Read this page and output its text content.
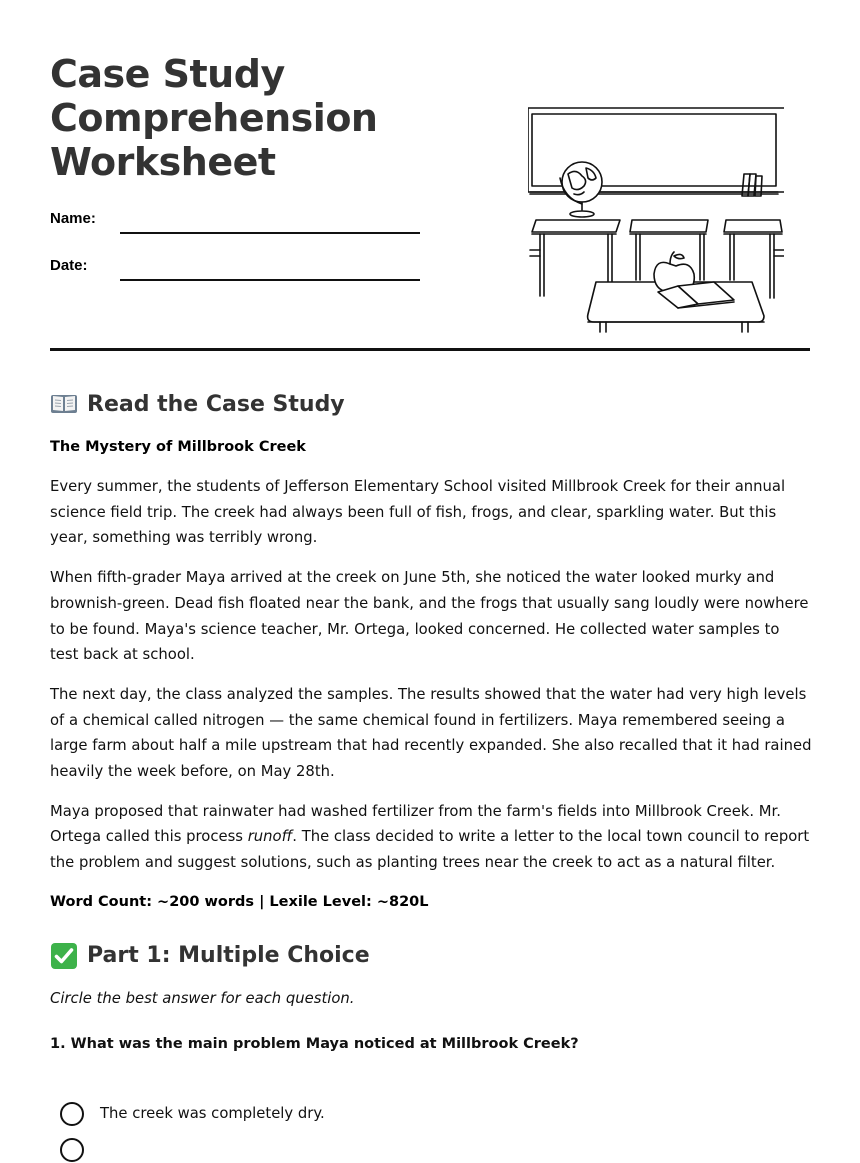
Case Study Comprehension Worksheet
Name:
Date:
Read the Case Study

The Mystery of Millbrook Creek

Every summer, the students of Jefferson Elementary School visited Millbrook Creek for their annual science field trip. The creek had always been full of fish, frogs, and clear, sparkling water. But this year, something was terribly wrong.

When fifth-grader Maya arrived at the creek on June 5th, she noticed the water looked murky and brownish-green. Dead fish floated near the bank, and the frogs that usually sang loudly were nowhere to be found. Maya's science teacher, Mr. Ortega, looked concerned. He collected water samples to test back at school.

The next day, the class analyzed the samples. The results showed that the water had very high levels of a chemical called nitrogen — the same chemical found in fertilizers. Maya remembered seeing a large farm about half a mile upstream that had recently expanded. She also recalled that it had rained heavily the week before, on May 28th.

Maya proposed that rainwater had washed fertilizer from the farm's fields into Millbrook Creek. Mr. Ortega called this process runoff. The class decided to write a letter to the local town council to report the problem and suggest solutions, such as planting trees near the creek to act as a natural filter.

Word Count: ~200 words | Lexile Level: ~820L

Part 1: Multiple Choice

Circle the best answer for each question.

1. What was the main problem Maya noticed at Millbrook Creek?

The creek was completely dry.
